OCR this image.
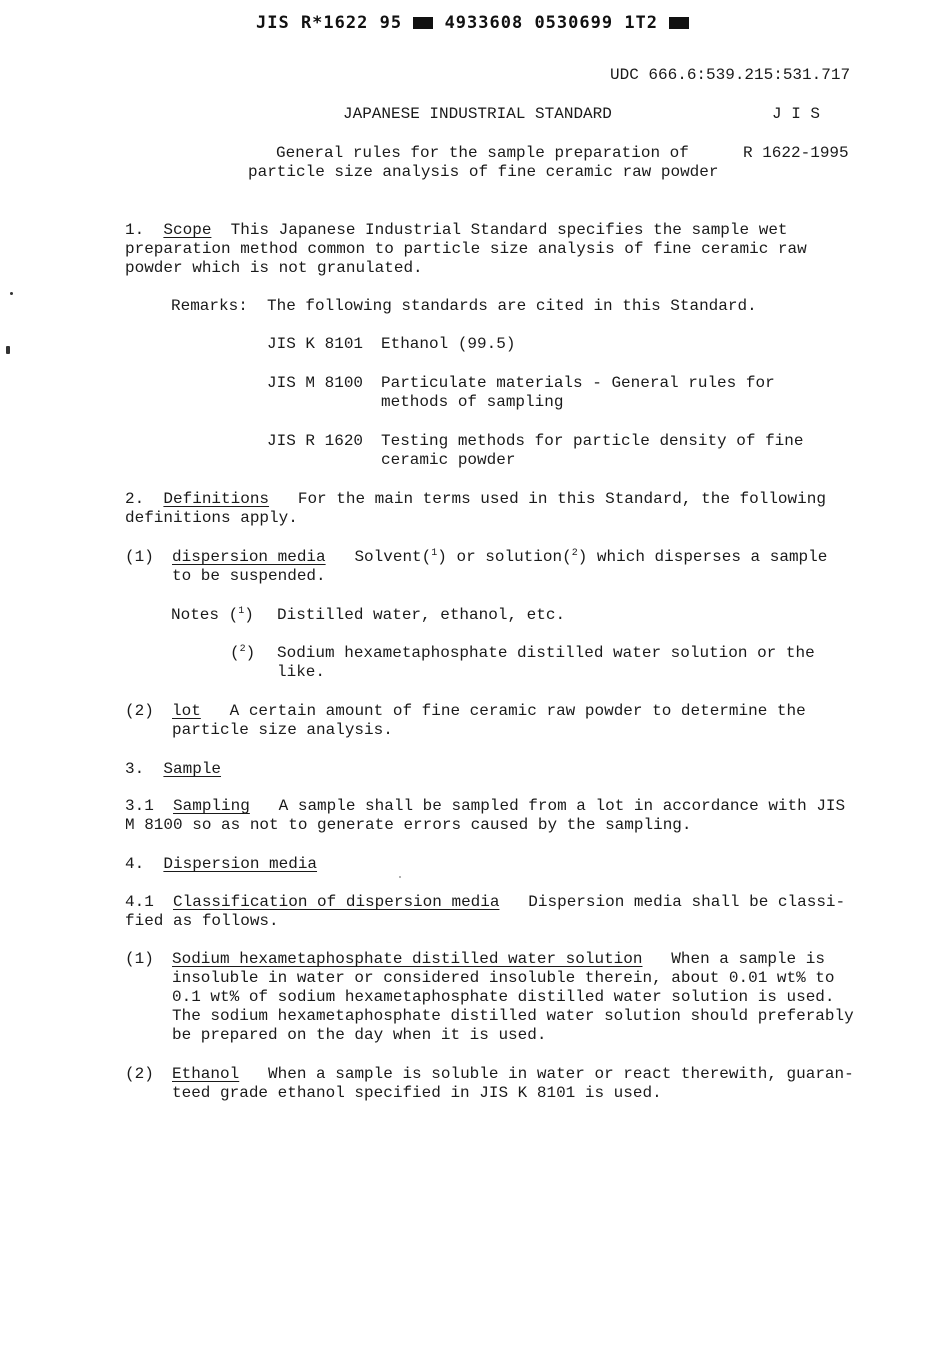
JIS R*1622 95	4933608 0530699 1T2
UDC 666.6:539.215:531.717
JAPANESE INDUSTRIAL STANDARD	J I S
General rules for the sample preparation of	R 1622-1995
particle size analysis of fine ceramic raw powder
1. Scope This Japanese Industrial Standard specifies the sample wet
preparation method common to particle size analysis of fine ceramic raw
powder which is not granulated.
Remarks: The following standards are cited in this Standard.
JIS K 8101 Ethanol (99.5)
JIS M 8100 Particulate materials - General rules for
methods of sampling
JIS R 1620 Testing methods for particle density of fine
ceramic powder
2. Definitions For the main terms used in this Standard, the following
definitions apply.
(1) dispersion media Solvent($^1$) or solution($^2$) which disperses a sample
to be suspended.
Notes ($^1$) Distilled water, ethanol, etc.
($^2$) Sodium hexametaphosphate distilled water solution or the
like.
(2) lot A certain amount of fine ceramic raw powder to determine the
particle size analysis.
3. Sample
3.1 Sampling A sample shall be sampled from a lot in accordance with JIS
M 8100 so as not to generate errors caused by the sampling.
4. Dispersion media
4.1 Classification of dispersion media Dispersion media shall be classi-
fied as follows.
(1) Sodium hexametaphosphate distilled water solution When a sample is
insoluble in water or considered insoluble therein, about 0.01 wt% to
0.1 wt% of sodium hexametaphosphate distilled water solution is used.
The sodium hexametaphosphate distilled water solution should preferably
be prepared on the day when it is used.
(2) Ethanol When a sample is soluble in water or react therewith, guaran-
teed grade ethanol specified in JIS K 8101 is used.
